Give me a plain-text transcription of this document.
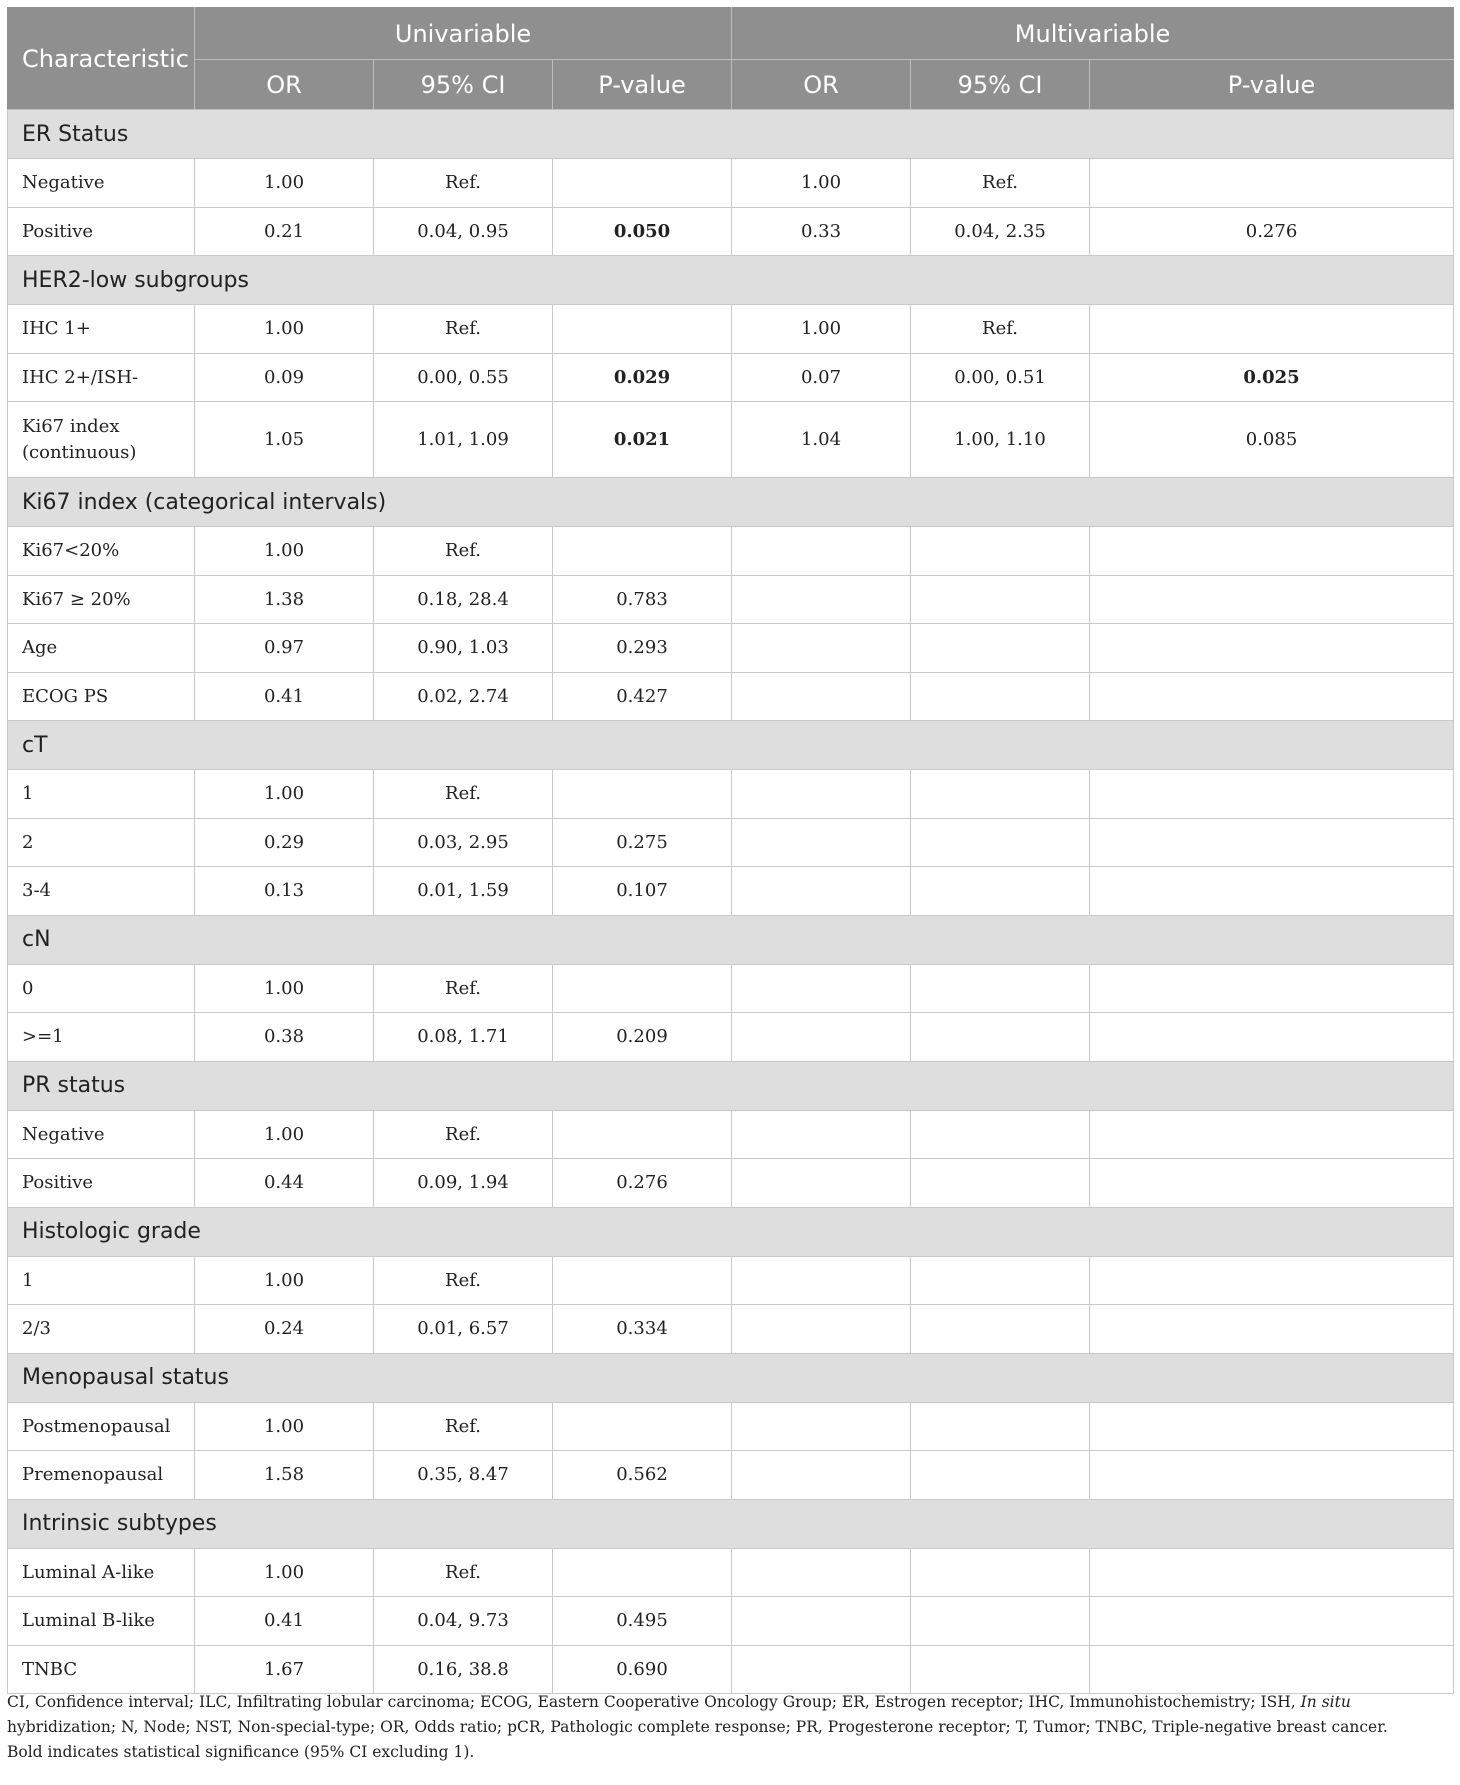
Characteristic	Univariable			Multivariable		
	OR	95% CI	P-value	OR	95% CI	P-value
ER Status						
Negative	1.00	Ref.		1.00	Ref.	
Positive	0.21	0.04, 0.95	0.050	0.33	0.04, 2.35	0.276
HER2-low subgroups						
IHC 1+	1.00	Ref.		1.00	Ref.	
IHC 2+/ISH-	0.09	0.00, 0.55	0.029	0.07	0.00, 0.51	0.025

Ki67 index
(continuous)	1.05	1.01, 1.09	0.021	1.04	1.00, 1.10	0.085
Ki67 index (categorical intervals)						
Ki67<20%	1.00	Ref.				
Ki67 ≥ 20%	1.38	0.18, 28.4	0.783			
Age	0.97	0.90, 1.03	0.293			
ECOG PS	0.41	0.02, 2.74	0.427			
cT						
1	1.00	Ref.				
2	0.29	0.03, 2.95	0.275			
3-4	0.13	0.01, 1.59	0.107			
cN						
0	1.00	Ref.				
>=1	0.38	0.08, 1.71	0.209			
PR status						
Negative	1.00	Ref.				
Positive	0.44	0.09, 1.94	0.276			
Histologic grade						
1	1.00	Ref.				
2/3	0.24	0.01, 6.57	0.334			
Menopausal status						
Postmenopausal	1.00	Ref.				
Premenopausal	1.58	0.35, 8.47	0.562			
Intrinsic subtypes						
Luminal A-like	1.00	Ref.				
Luminal B-like	0.41	0.04, 9.73	0.495			
TNBC	1.67	0.16, 38.8	0.690			

CI, Confidence interval; ILC, Infiltrating lobular carcinoma; ECOG, Eastern Cooperative Oncology Group; ER, Estrogen receptor; IHC, Immunohistochemistry; ISH, In situ hybridization; N, Node; NST, Non-special-type; OR, Odds ratio; pCR, Pathologic complete response; PR, Progesterone receptor; T, Tumor; TNBC, Triple-negative breast cancer.

Bold indicates statistical significance (95% CI excluding 1).
